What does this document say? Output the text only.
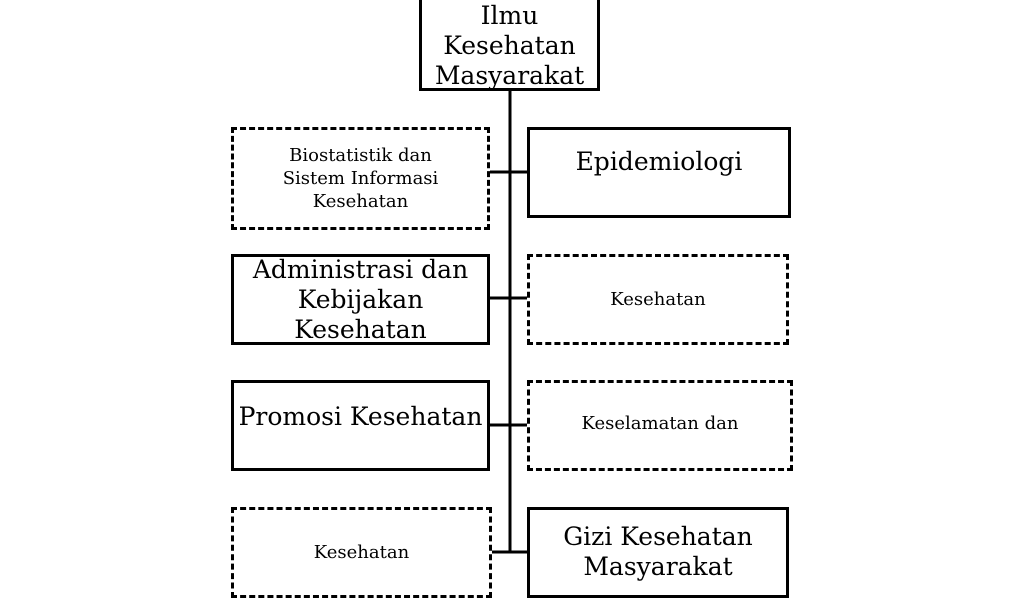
Ilmu Kesehatan Masyarakat
Biostatistik dan Sistem Informasi Kesehatan
Epidemiologi
Administrasi dan Kebijakan Kesehatan
Kesehatan
Promosi Kesehatan	Keselamatan dan
Kesehatan
Gizi Kesehatan Masyarakat
